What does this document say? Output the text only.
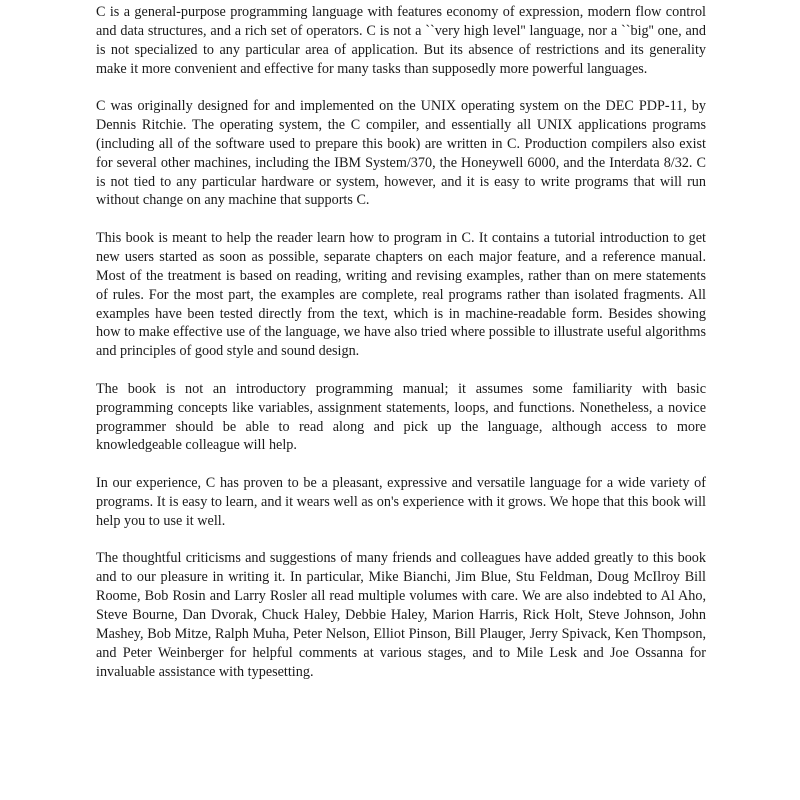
C is a general-purpose programming language with features economy of expression, modern flow control and data structures, and a rich set of operators. C is not a ``very high level'' language, nor a ``big'' one, and is not specialized to any particular area of application. But its absence of restrictions and its generality make it more convenient and effective for many tasks than supposedly more powerful languages.

C was originally designed for and implemented on the UNIX operating system on the DEC PDP-11, by Dennis Ritchie. The operating system, the C compiler, and essentially all UNIX applications programs (including all of the software used to prepare this book) are written in C. Production compilers also exist for several other machines, including the IBM System/370, the Honeywell 6000, and the Interdata 8/32. C is not tied to any particular hardware or system, however, and it is easy to write programs that will run without change on any machine that supports C.

This book is meant to help the reader learn how to program in C. It contains a tutorial introduction to get new users started as soon as possible, separate chapters on each major feature, and a reference manual. Most of the treatment is based on reading, writing and revising examples, rather than on mere statements of rules. For the most part, the examples are complete, real programs rather than isolated fragments. All examples have been tested directly from the text, which is in machine-readable form. Besides showing how to make effective use of the language, we have also tried where possible to illustrate useful algorithms and principles of good style and sound design.

The book is not an introductory programming manual; it assumes some familiarity with basic programming concepts like variables, assignment statements, loops, and functions. Nonetheless, a novice programmer should be able to read along and pick up the language, although access to more knowledgeable colleague will help.

In our experience, C has proven to be a pleasant, expressive and versatile language for a wide variety of programs. It is easy to learn, and it wears well as on's experience with it grows. We hope that this book will help you to use it well.

The thoughtful criticisms and suggestions of many friends and colleagues have added greatly to this book and to our pleasure in writing it. In particular, Mike Bianchi, Jim Blue, Stu Feldman, Doug McIlroy Bill Roome, Bob Rosin and Larry Rosler all read multiple volumes with care. We are also indebted to Al Aho, Steve Bourne, Dan Dvorak, Chuck Haley, Debbie Haley, Marion Harris, Rick Holt, Steve Johnson, John Mashey, Bob Mitze, Ralph Muha, Peter Nelson, Elliot Pinson, Bill Plauger, Jerry Spivack, Ken Thompson, and Peter Weinberger for helpful comments at various stages, and to Mile Lesk and Joe Ossanna for invaluable assistance with typesetting.
